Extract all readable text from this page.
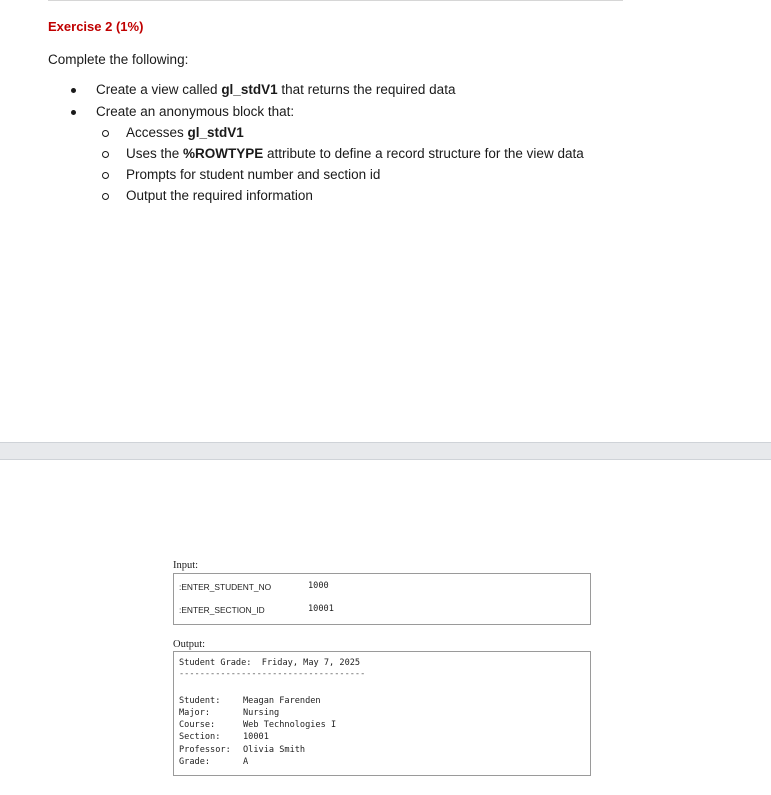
Exercise 2 (1%)
Complete the following:
Create a view called gl_stdV1 that returns the required data
Create an anonymous block that:
Accesses gl_stdV1
Uses the %ROWTYPE attribute to define a record structure for the view data
Prompts for student number and section id
Output the required information
Input:
:ENTER_STUDENT_NO	1000
:ENTER_SECTION_ID	10001
Output:
Student Grade:  Friday, May 7, 2025
------------------------------------
Student:	Meagan Farenden
Major:	Nursing
Course:	Web Technologies I
Section:	10001
Professor: Olivia Smith
Grade:	A
